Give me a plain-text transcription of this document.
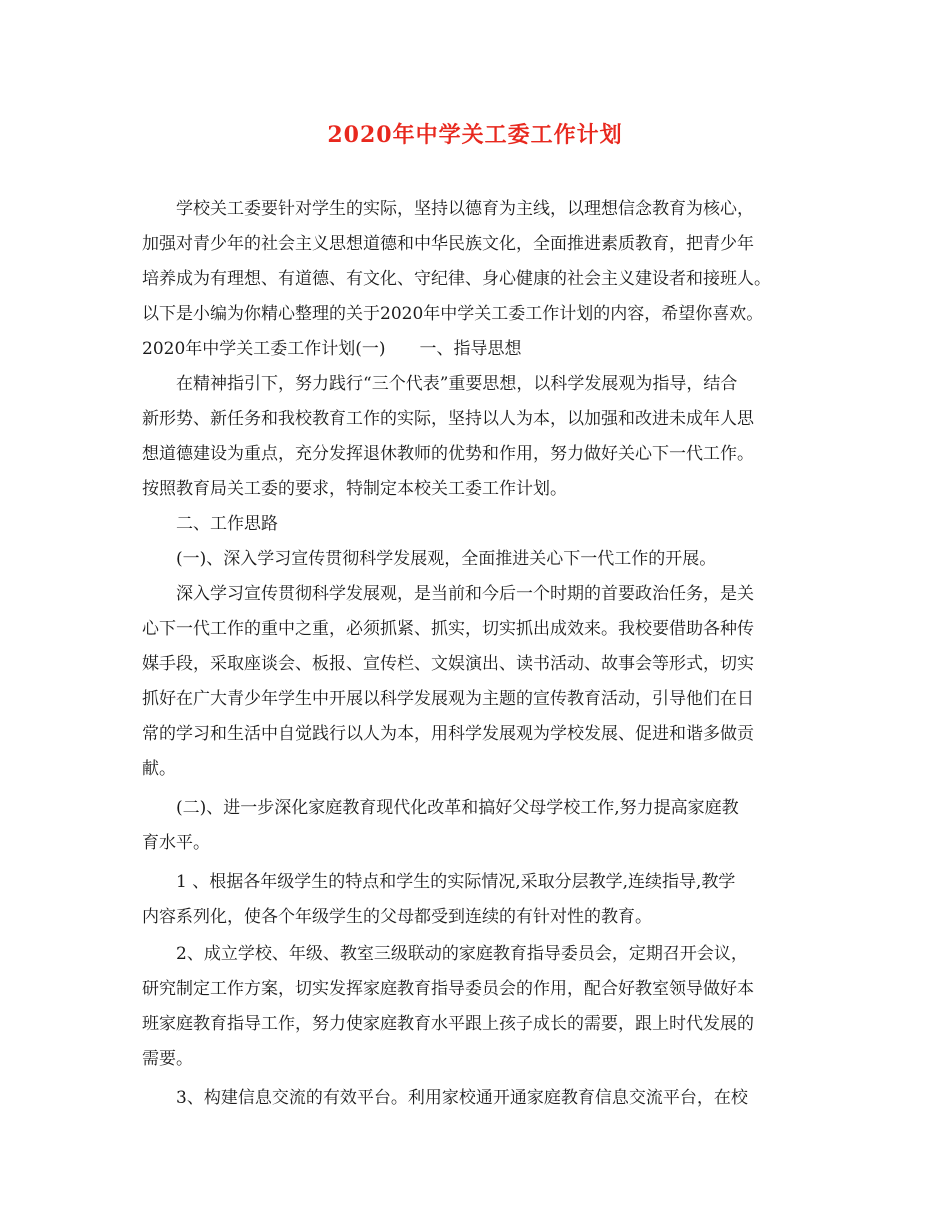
2020年中学关工委工作计划
学校关工委要针对学生的实际，坚持以德育为主线，以理想信念教育为核心，
加强对青少年的社会主义思想道德和中华民族文化，全面推进素质教育，把青少年
培养成为有理想、有道德、有文化、守纪律、身心健康的社会主义建设者和接班人。
以下是小编为你精心整理的关于2020年中学关工委工作计划的内容，希望你喜欢。
2020年中学关工委工作计划(一)　　一、指导思想
在精神指引下，努力践行“三个代表”重要思想，以科学发展观为指导，结合
新形势、新任务和我校教育工作的实际，坚持以人为本，以加强和改进未成年人思
想道德建设为重点，充分发挥退休教师的优势和作用，努力做好关心下一代工作。
按照教育局关工委的要求，特制定本校关工委工作计划。
二、工作思路
(一)、深入学习宣传贯彻科学发展观，全面推进关心下一代工作的开展。
深入学习宣传贯彻科学发展观，是当前和今后一个时期的首要政治任务，是关
心下一代工作的重中之重，必须抓紧、抓实，切实抓出成效来。我校要借助各种传
媒手段，采取座谈会、板报、宣传栏、文娱演出、读书活动、故事会等形式，切实
抓好在广大青少年学生中开展以科学发展观为主题的宣传教育活动，引导他们在日
常的学习和生活中自觉践行以人为本，用科学发展观为学校发展、促进和谐多做贡
献。
(二)、进一步深化家庭教育现代化改革和搞好父母学校工作,努力提高家庭教
育水平。
1 、根据各年级学生的特点和学生的实际情况,采取分层教学,连续指导,教学
内容系列化，使各个年级学生的父母都受到连续的有针对性的教育。
2、成立学校、年级、教室三级联动的家庭教育指导委员会，定期召开会议，
研究制定工作方案，切实发挥家庭教育指导委员会的作用，配合好教室领导做好本
班家庭教育指导工作，努力使家庭教育水平跟上孩子成长的需要，跟上时代发展的
需要。
3、构建信息交流的有效平台。利用家校通开通家庭教育信息交流平台，在校
